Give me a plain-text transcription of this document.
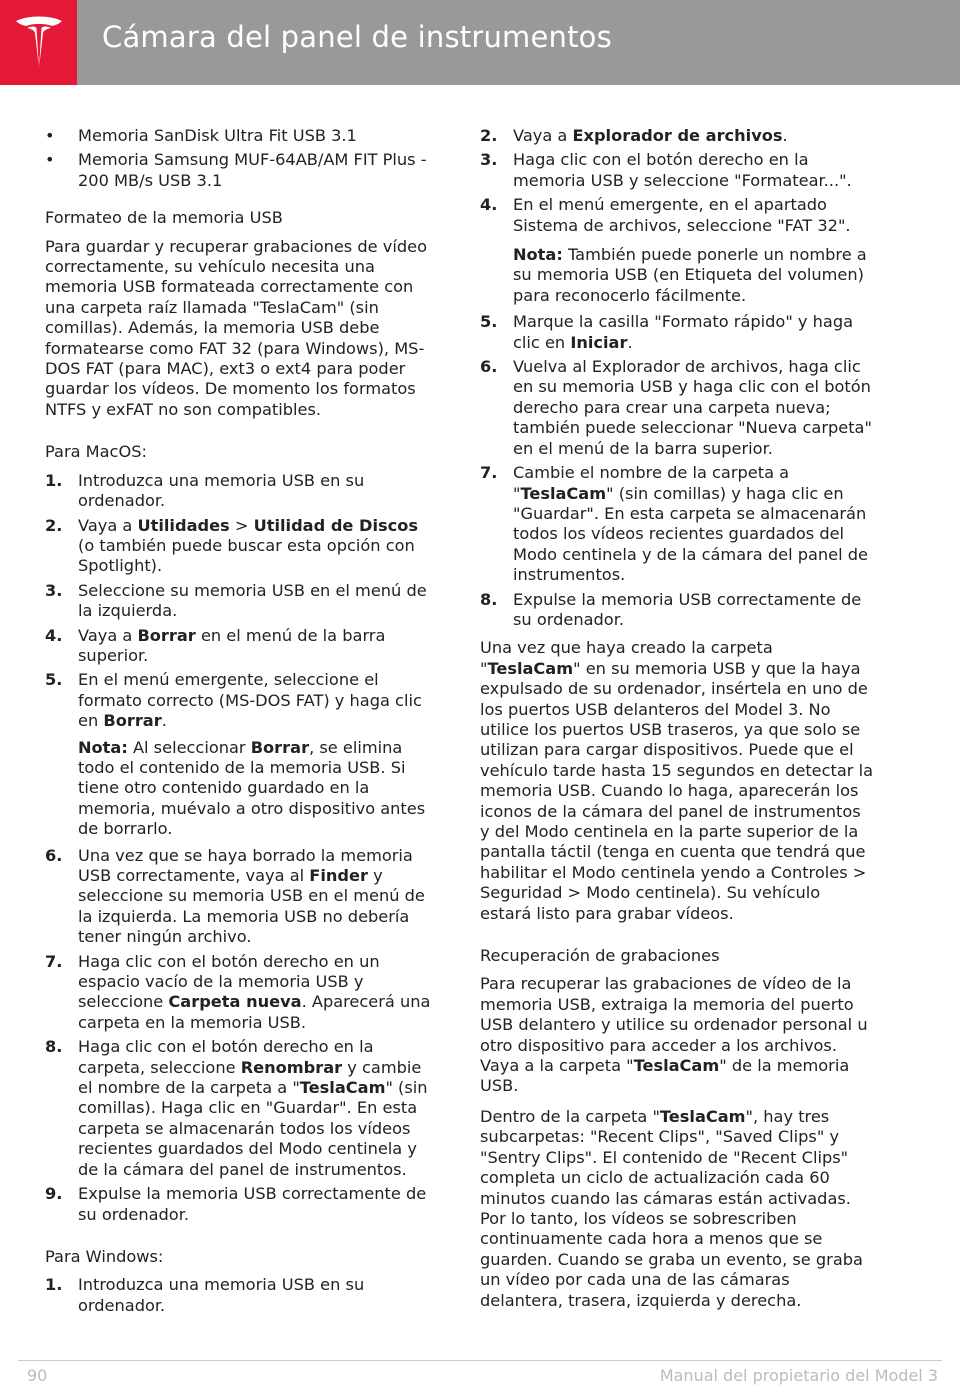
Cámara del panel de instrumentos
• Memoria SanDisk Ultra Fit USB 3.1
• Memoria Samsung MUF-64AB/AM FIT Plus - 200 MB/s USB 3.1

Formateo de la memoria USB

Para guardar y recuperar grabaciones de vídeo correctamente, su vehículo necesita una memoria USB formateada correctamente con una carpeta raíz llamada "TeslaCam" (sin comillas). Además, la memoria USB debe formatearse como FAT 32 (para Windows), MS-DOS FAT (para MAC), ext3 o ext4 para poder guardar los vídeos. De momento los formatos NTFS y exFAT no son compatibles.

Para MacOS:

1. Introduzca una memoria USB en su ordenador.
2. Vaya a Utilidades > Utilidad de Discos (o también puede buscar esta opción con Spotlight).
3. Seleccione su memoria USB en el menú de la izquierda.
4. Vaya a Borrar en el menú de la barra superior.
5. En el menú emergente, seleccione el formato correcto (MS-DOS FAT) y haga clic en Borrar.
Nota: Al seleccionar Borrar, se elimina todo el contenido de la memoria USB. Si tiene otro contenido guardado en la memoria, muévalo a otro dispositivo antes de borrarlo.
6. Una vez que se haya borrado la memoria USB correctamente, vaya al Finder y seleccione su memoria USB en el menú de la izquierda. La memoria USB no debería tener ningún archivo.
7. Haga clic con el botón derecho en un espacio vacío de la memoria USB y seleccione Carpeta nueva. Aparecerá una carpeta en la memoria USB.
8. Haga clic con el botón derecho en la carpeta, seleccione Renombrar y cambie el nombre de la carpeta a "TeslaCam" (sin comillas). Haga clic en "Guardar". En esta carpeta se almacenarán todos los vídeos recientes guardados del Modo centinela y de la cámara del panel de instrumentos.
9. Expulse la memoria USB correctamente de su ordenador.

Para Windows:

1. Introduzca una memoria USB en su ordenador.
2. Vaya a Explorador de archivos.
3. Haga clic con el botón derecho en la memoria USB y seleccione "Formatear...".
4. En el menú emergente, en el apartado Sistema de archivos, seleccione "FAT 32".
Nota: También puede ponerle un nombre a su memoria USB (en Etiqueta del volumen) para reconocerlo fácilmente.
5. Marque la casilla "Formato rápido" y haga clic en Iniciar.
6. Vuelva al Explorador de archivos, haga clic en su memoria USB y haga clic con el botón derecho para crear una carpeta nueva; también puede seleccionar "Nueva carpeta" en el menú de la barra superior.
7. Cambie el nombre de la carpeta a "TeslaCam" (sin comillas) y haga clic en "Guardar". En esta carpeta se almacenarán todos los vídeos recientes guardados del Modo centinela y de la cámara del panel de instrumentos.
8. Expulse la memoria USB correctamente de su ordenador.

Una vez que haya creado la carpeta "TeslaCam" en su memoria USB y que la haya expulsado de su ordenador, insértela en uno de los puertos USB delanteros del Model 3. No utilice los puertos USB traseros, ya que solo se utilizan para cargar dispositivos. Puede que el vehículo tarde hasta 15 segundos en detectar la memoria USB. Cuando lo haga, aparecerán los iconos de la cámara del panel de instrumentos y del Modo centinela en la parte superior de la pantalla táctil (tenga en cuenta que tendrá que habilitar el Modo centinela yendo a Controles > Seguridad > Modo centinela). Su vehículo estará listo para grabar vídeos.

Recuperación de grabaciones

Para recuperar las grabaciones de vídeo de la memoria USB, extraiga la memoria del puerto USB delantero y utilice su ordenador personal u otro dispositivo para acceder a los archivos. Vaya a la carpeta "TeslaCam" de la memoria USB.

Dentro de la carpeta "TeslaCam", hay tres subcarpetas: "Recent Clips", "Saved Clips" y "Sentry Clips". El contenido de "Recent Clips" completa un ciclo de actualización cada 60 minutos cuando las cámaras están activadas. Por lo tanto, los vídeos se sobrescriben continuamente cada hora a menos que se guarden. Cuando se graba un evento, se graba un vídeo por cada una de las cámaras delantera, trasera, izquierda y derecha.

90	Manual del propietario del Model 3
